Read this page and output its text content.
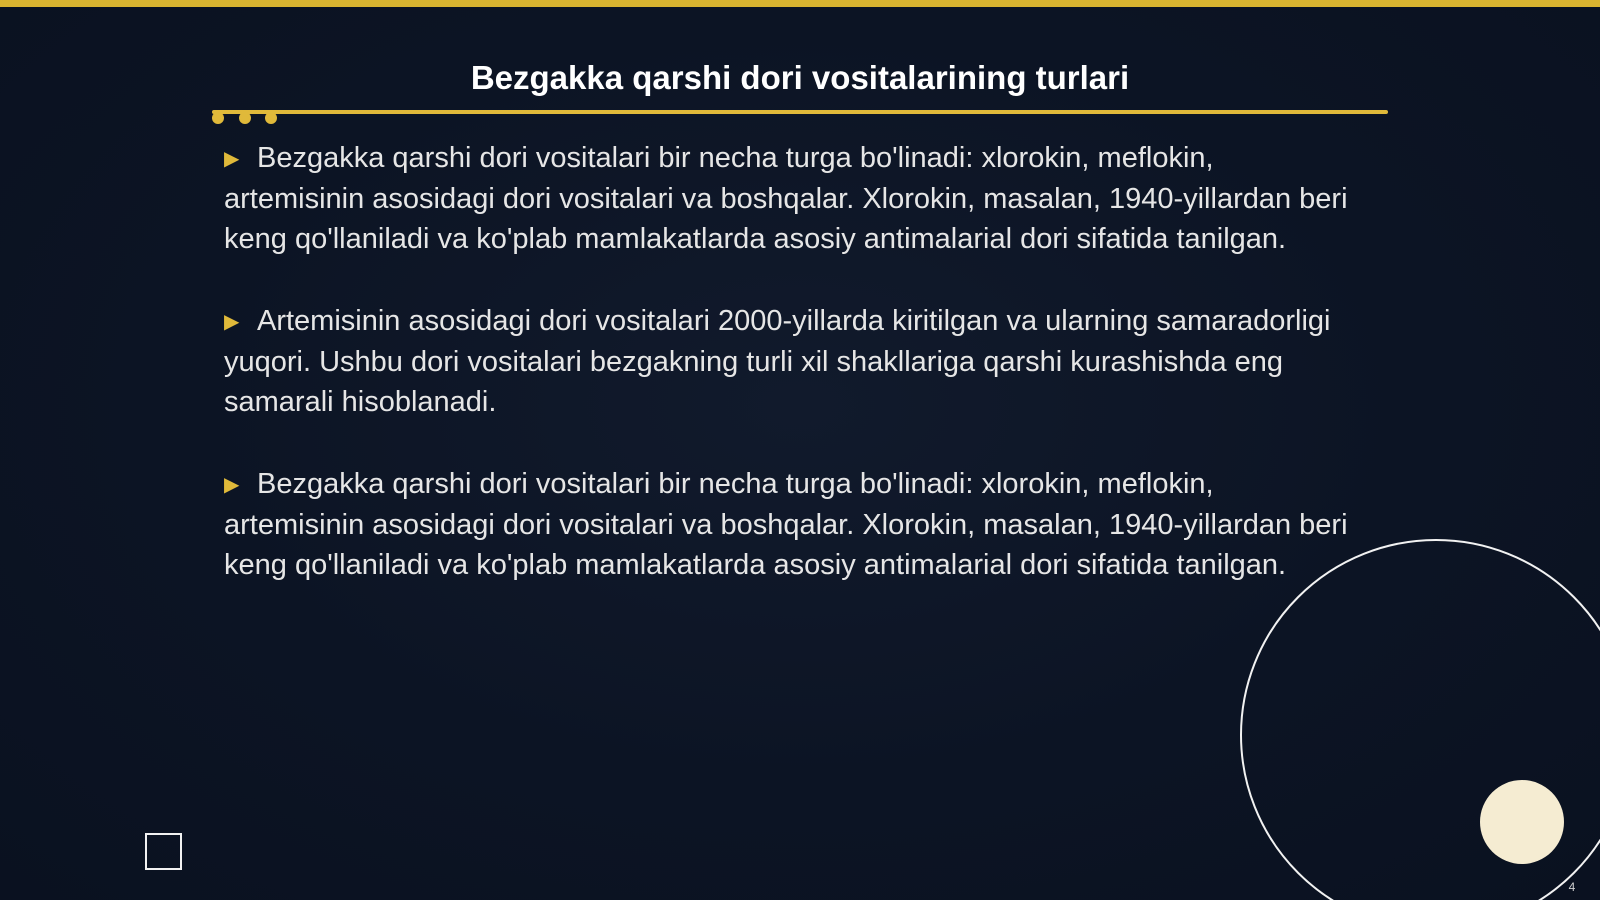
Bezgakka qarshi dori vositalarining turlari

▶ Bezgakka qarshi dori vositalari bir necha turga bo'linadi: xlorokin, meflokin, artemisinin asosidagi dori vositalari va boshqalar. Xlorokin, masalan, 1940-yillardan beri keng qo'llaniladi va ko'plab mamlakatlarda asosiy antimalarial dori sifatida tanilgan.

▶ Artemisinin asosidagi dori vositalari 2000-yillarda kiritilgan va ularning samaradorligi yuqori. Ushbu dori vositalari bezgakning turli xil shakllariga qarshi kurashishda eng samarali hisoblanadi.

▶ Bezgakka qarshi dori vositalari bir necha turga bo'linadi: xlorokin, meflokin, artemisinin asosidagi dori vositalari va boshqalar. Xlorokin, masalan, 1940-yillardan beri keng qo'llaniladi va ko'plab mamlakatlarda asosiy antimalarial dori sifatida tanilgan.

4
